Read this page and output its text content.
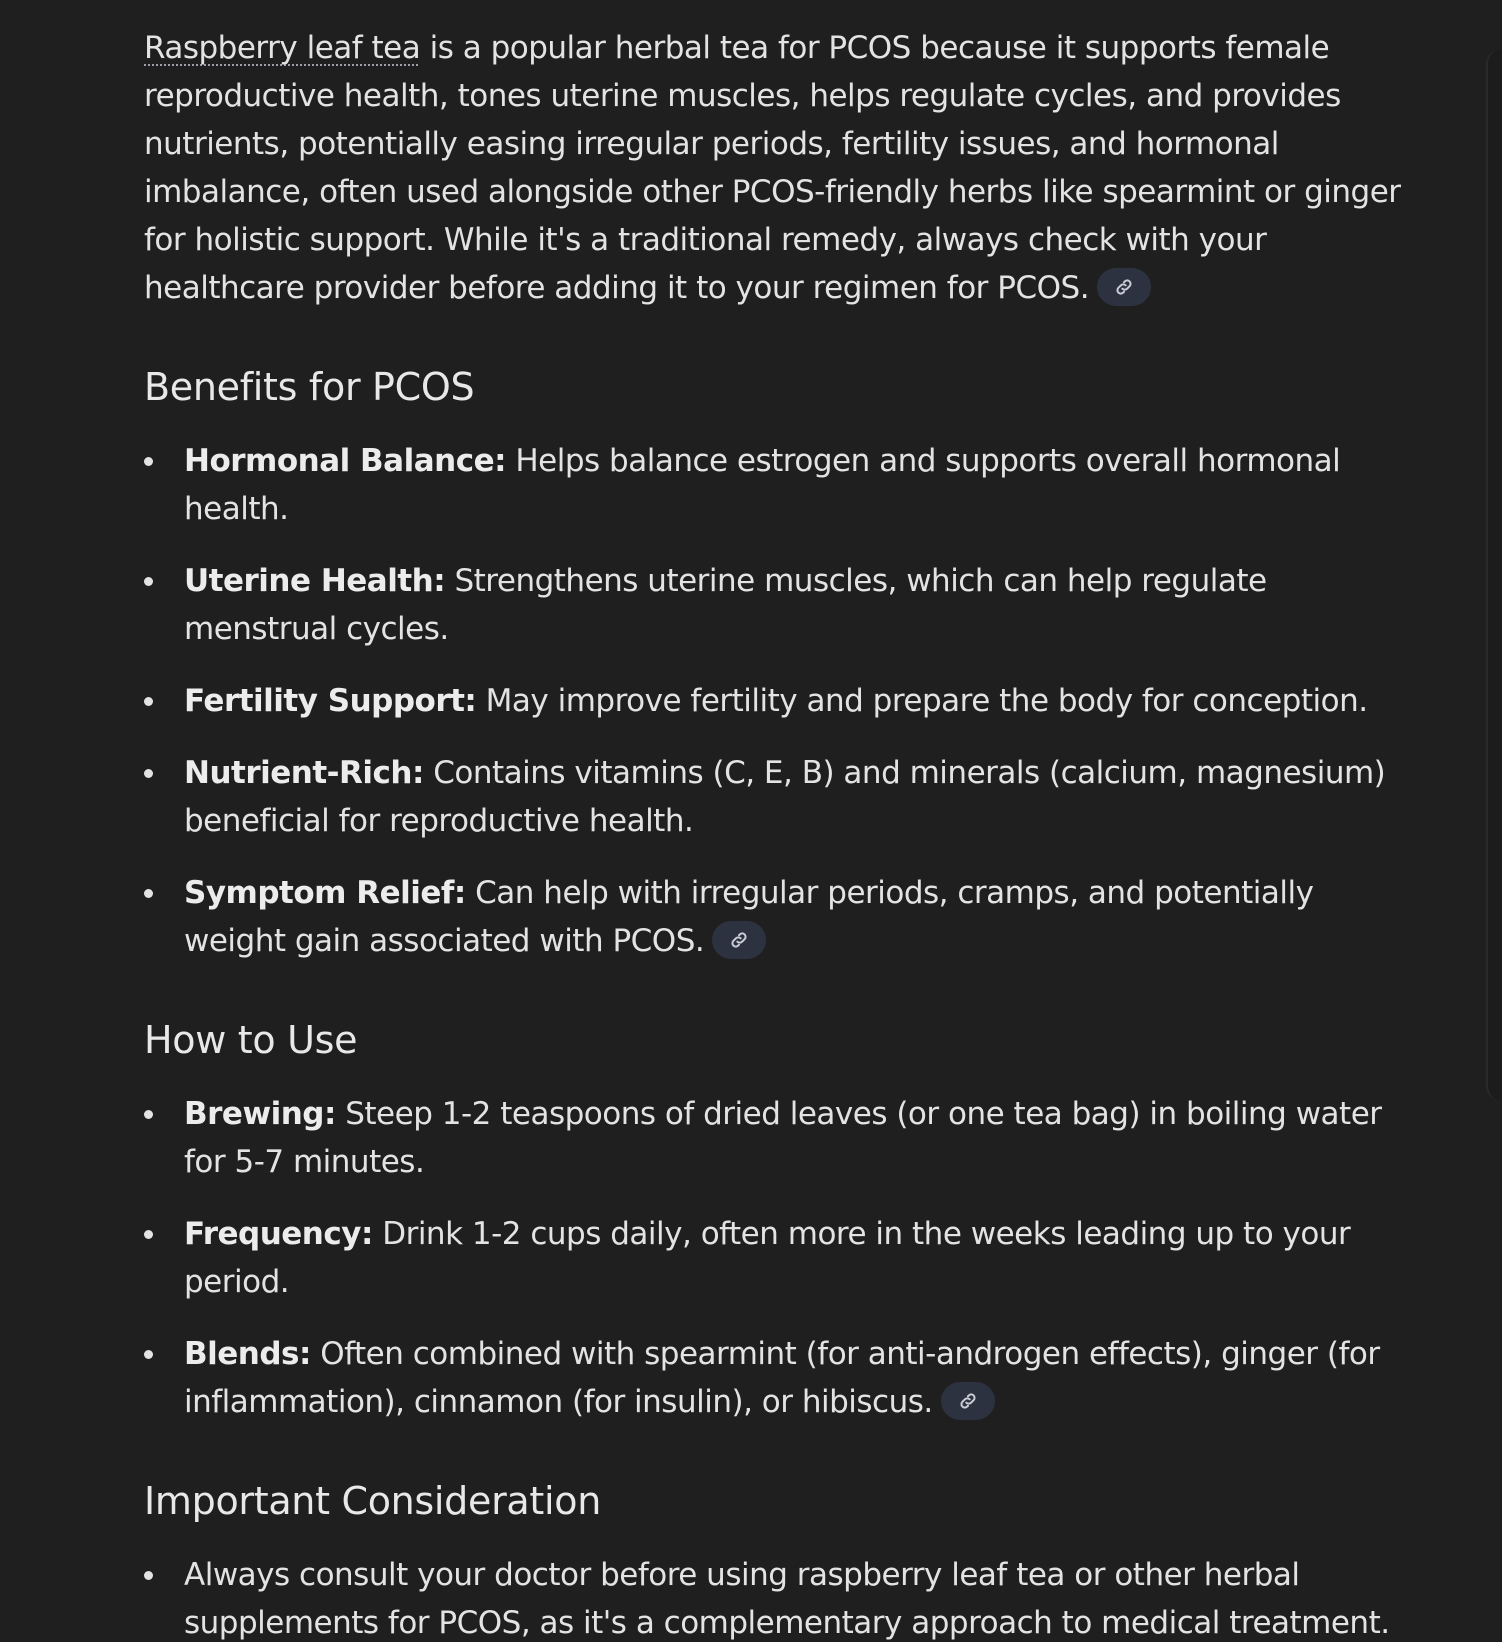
Raspberry leaf tea is a popular herbal tea for PCOS because it supports female reproductive health, tones uterine muscles, helps regulate cycles, and provides nutrients, potentially easing irregular periods, fertility issues, and hormonal imbalance, often used alongside other PCOS-friendly herbs like spearmint or ginger for holistic support. While it's a traditional remedy, always check with your healthcare provider before adding it to your regimen for PCOS.

Benefits for PCOS
Hormonal Balance: Helps balance estrogen and supports overall hormonal health.
Uterine Health: Strengthens uterine muscles, which can help regulate menstrual cycles.
Fertility Support: May improve fertility and prepare the body for conception.
Nutrient-Rich: Contains vitamins (C, E, B) and minerals (calcium, magnesium) beneficial for reproductive health.
Symptom Relief: Can help with irregular periods, cramps, and potentially weight gain associated with PCOS.
How to Use
Brewing: Steep 1-2 teaspoons of dried leaves (or one tea bag) in boiling water for 5-7 minutes.
Frequency: Drink 1-2 cups daily, often more in the weeks leading up to your period.
Blends: Often combined with spearmint (for anti-androgen effects), ginger (for inflammation), cinnamon (for insulin), or hibiscus.
Important Consideration
Always consult your doctor before using raspberry leaf tea or other herbal supplements for PCOS, as it's a complementary approach to medical treatment.
